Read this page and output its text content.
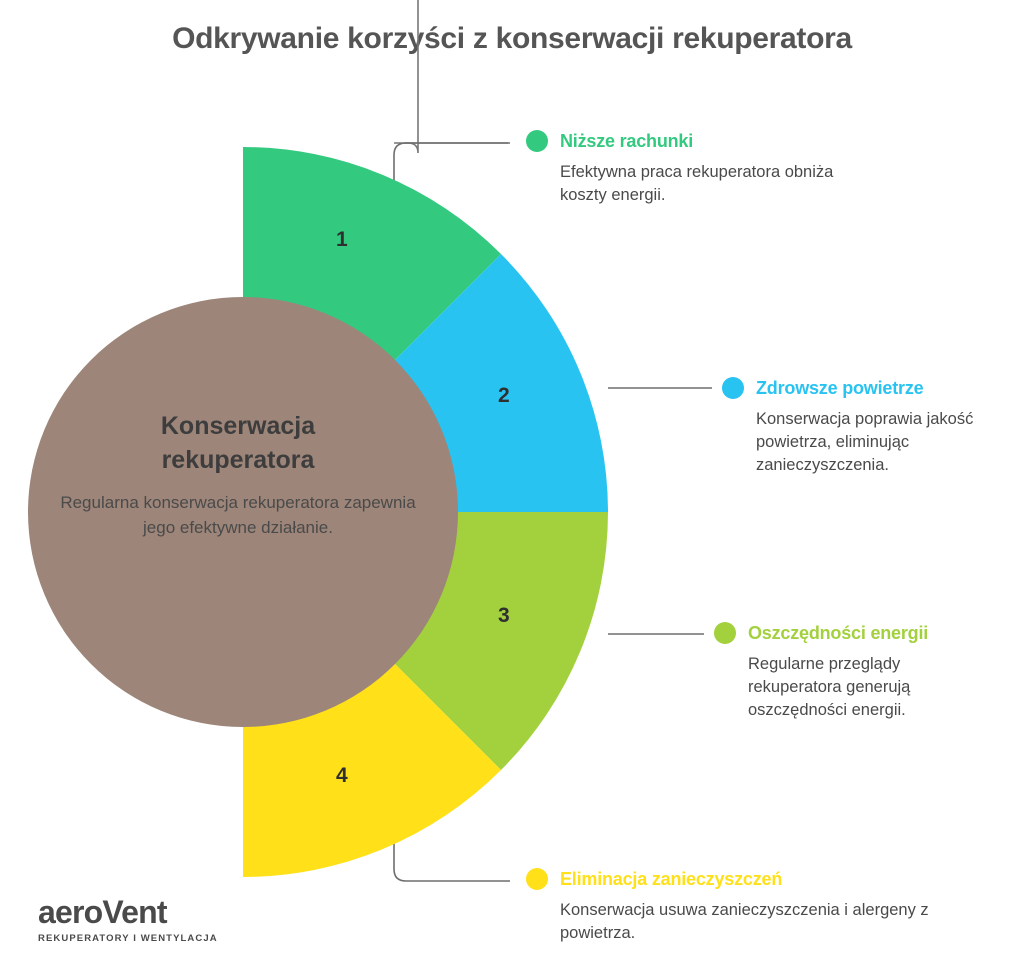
Odkrywanie korzyści z konserwacji rekuperatora
Konserwacja
rekuperatora
Regularna konserwacja rekuperatora zapewnia jego efektywne działanie.
1
2
3
4
Niższe rachunki
Efektywna praca rekuperatora obniża koszty energii.
Zdrowsze powietrze
Konserwacja poprawia jakość powietrza, eliminując zanieczyszczenia.
Oszczędności energii
Regularne przeglądy rekuperatora generują oszczędności energii.
Eliminacja zanieczyszczeń
Konserwacja usuwa zanieczyszczenia i alergeny z powietrza.
aeroVent
REKUPERATORY I WENTYLACJA
